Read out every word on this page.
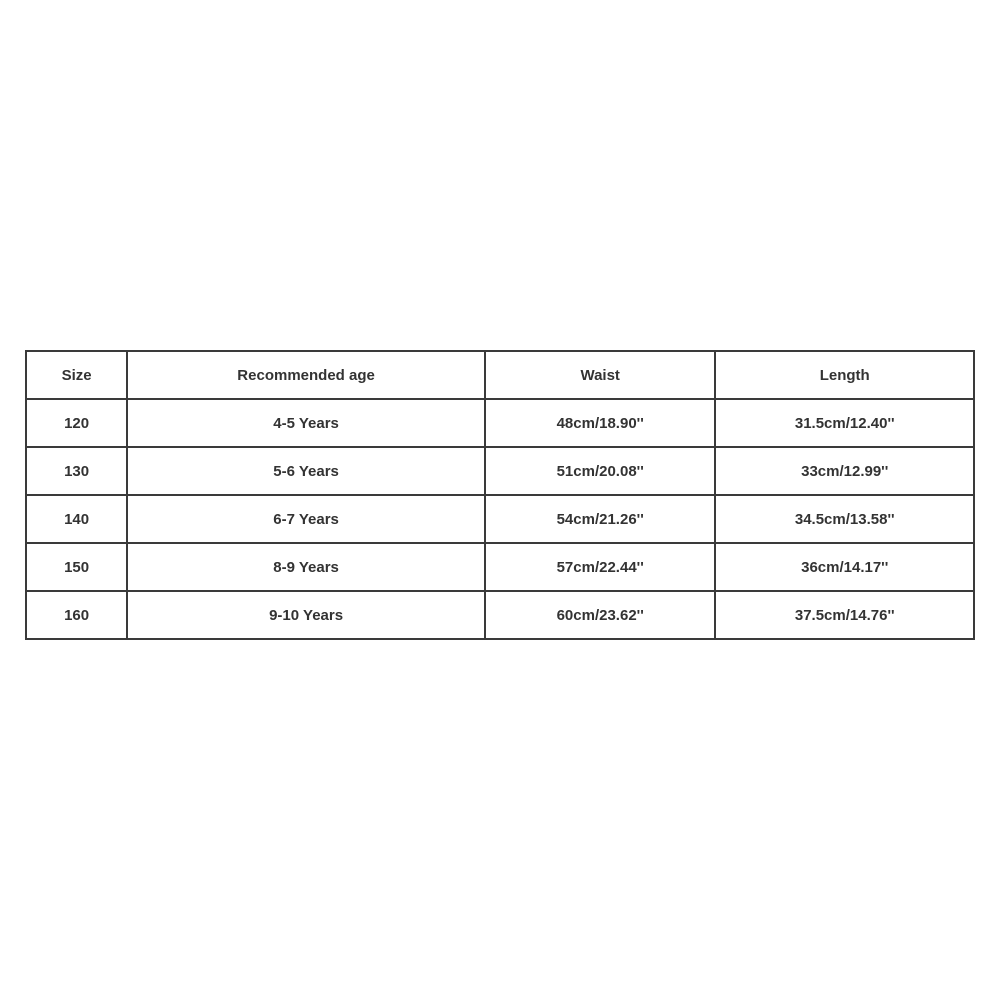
Size	Recommended age	Waist	Length
120	4-5 Years	48cm/18.90''	31.5cm/12.40''
130	5-6 Years	51cm/20.08''	33cm/12.99''
140	6-7 Years	54cm/21.26''	34.5cm/13.58''
150	8-9 Years	57cm/22.44''	36cm/14.17''
160	9-10 Years	60cm/23.62''	37.5cm/14.76''
